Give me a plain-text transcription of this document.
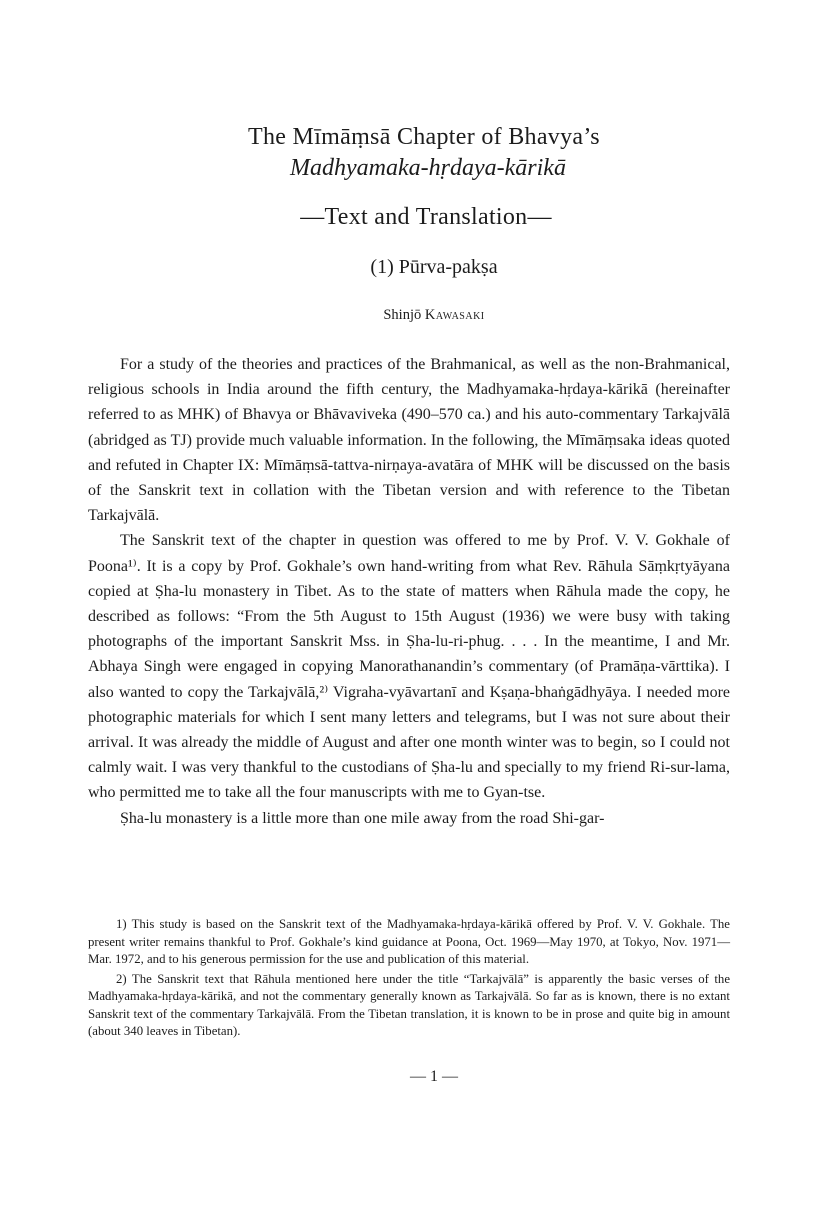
The Mīmāṃsā Chapter of Bhavya’s
Madhyamaka-hṛdaya-kārikā
—Text and Translation—
(1) Pūrva-pakṣa
Shinjō Kawasaki

For a study of the theories and practices of the Brahmanical, as well as the non-Brahmanical, religious schools in India around the fifth century, the Madhyamaka-hṛdaya-kārikā (hereinafter referred to as MHK) of Bhavya or Bhāvaviveka (490–570 ca.) and his auto-commentary Tarkajvālā (abridged as TJ) provide much valuable information. In the following, the Mīmāṃsaka ideas quoted and refuted in Chapter IX: Mīmāṃsā-tattva-nirṇaya-avatāra of MHK will be discussed on the basis of the Sanskrit text in collation with the Tibetan version and with reference to the Tibetan Tarkajvālā.

The Sanskrit text of the chapter in question was offered to me by Prof. V. V. Gokhale of Poona¹⁾. It is a copy by Prof. Gokhale’s own hand-writing from what Rev. Rāhula Sāṃkṛtyāyana copied at Ṣha-lu monastery in Tibet. As to the state of matters when Rāhula made the copy, he described as follows: “From the 5th August to 15th August (1936) we were busy with taking photographs of the important Sanskrit Mss. in Ṣha-lu-ri-phug. . . . In the meantime, I and Mr. Abhaya Singh were engaged in copying Manorathanandin’s commentary (of Pramāṇa-vārttika). I also wanted to copy the Tarkajvālā,²⁾ Vigraha-vyāvartanī and Kṣaṇa-bhaṅgādhyāya. I needed more photographic materials for which I sent many letters and telegrams, but I was not sure about their arrival. It was already the middle of August and after one month winter was to begin, so I could not calmly wait. I was very thankful to the custodians of Ṣha-lu and specially to my friend Ri-sur-lama, who permitted me to take all the four manuscripts with me to Gyan-tse.

Ṣha-lu monastery is a little more than one mile away from the road Shi-gar-

1) This study is based on the Sanskrit text of the Madhyamaka-hṛdaya-kārikā offered by Prof. V. V. Gokhale. The present writer remains thankful to Prof. Gokhale’s kind guidance at Poona, Oct. 1969—May 1970, at Tokyo, Nov. 1971—Mar. 1972, and to his generous permission for the use and publication of this material.

2) The Sanskrit text that Rāhula mentioned here under the title “Tarkajvālā” is apparently the basic verses of the Madhyamaka-hṛdaya-kārikā, and not the commentary generally known as Tarkajvālā. So far as is known, there is no extant Sanskrit text of the commentary Tarkajvālā. From the Tibetan translation, it is known to be in prose and quite big in amount (about 340 leaves in Tibetan).

— 1 —
